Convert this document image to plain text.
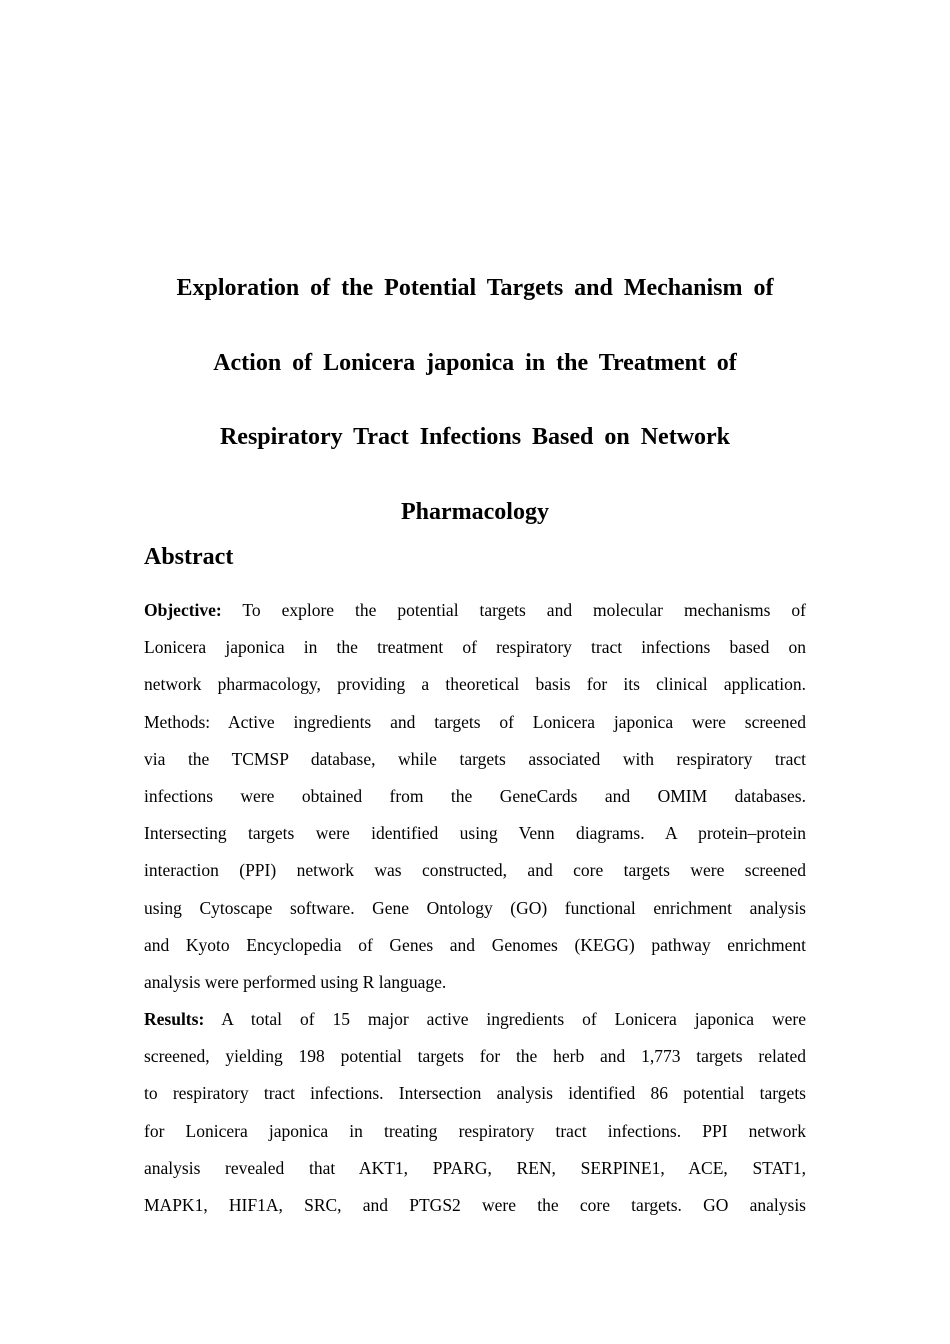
Exploration of the Potential Targets and Mechanism of
Action of Lonicera japonica in the Treatment of
Respiratory Tract Infections Based on Network
Pharmacology
Abstract

Objective: To explore the potential targets and molecular mechanisms of
Lonicera japonica in the treatment of respiratory tract infections based on
network pharmacology, providing a theoretical basis for its clinical application.
Methods: Active ingredients and targets of Lonicera japonica were screened
via the TCMSP database, while targets associated with respiratory tract
infections were obtained from the GeneCards and OMIM databases.
Intersecting targets were identified using Venn diagrams. A protein–protein
interaction (PPI) network was constructed, and core targets were screened
using Cytoscape software. Gene Ontology (GO) functional enrichment analysis
and Kyoto Encyclopedia of Genes and Genomes (KEGG) pathway enrichment
analysis were performed using R language.

Results: A total of 15 major active ingredients of Lonicera japonica were
screened, yielding 198 potential targets for the herb and 1,773 targets related
to respiratory tract infections. Intersection analysis identified 86 potential targets
for Lonicera japonica in treating respiratory tract infections. PPI network
analysis revealed that AKT1, PPARG, REN, SERPINE1, ACE, STAT1,
MAPK1, HIF1A, SRC, and PTGS2 were the core targets. GO analysis
